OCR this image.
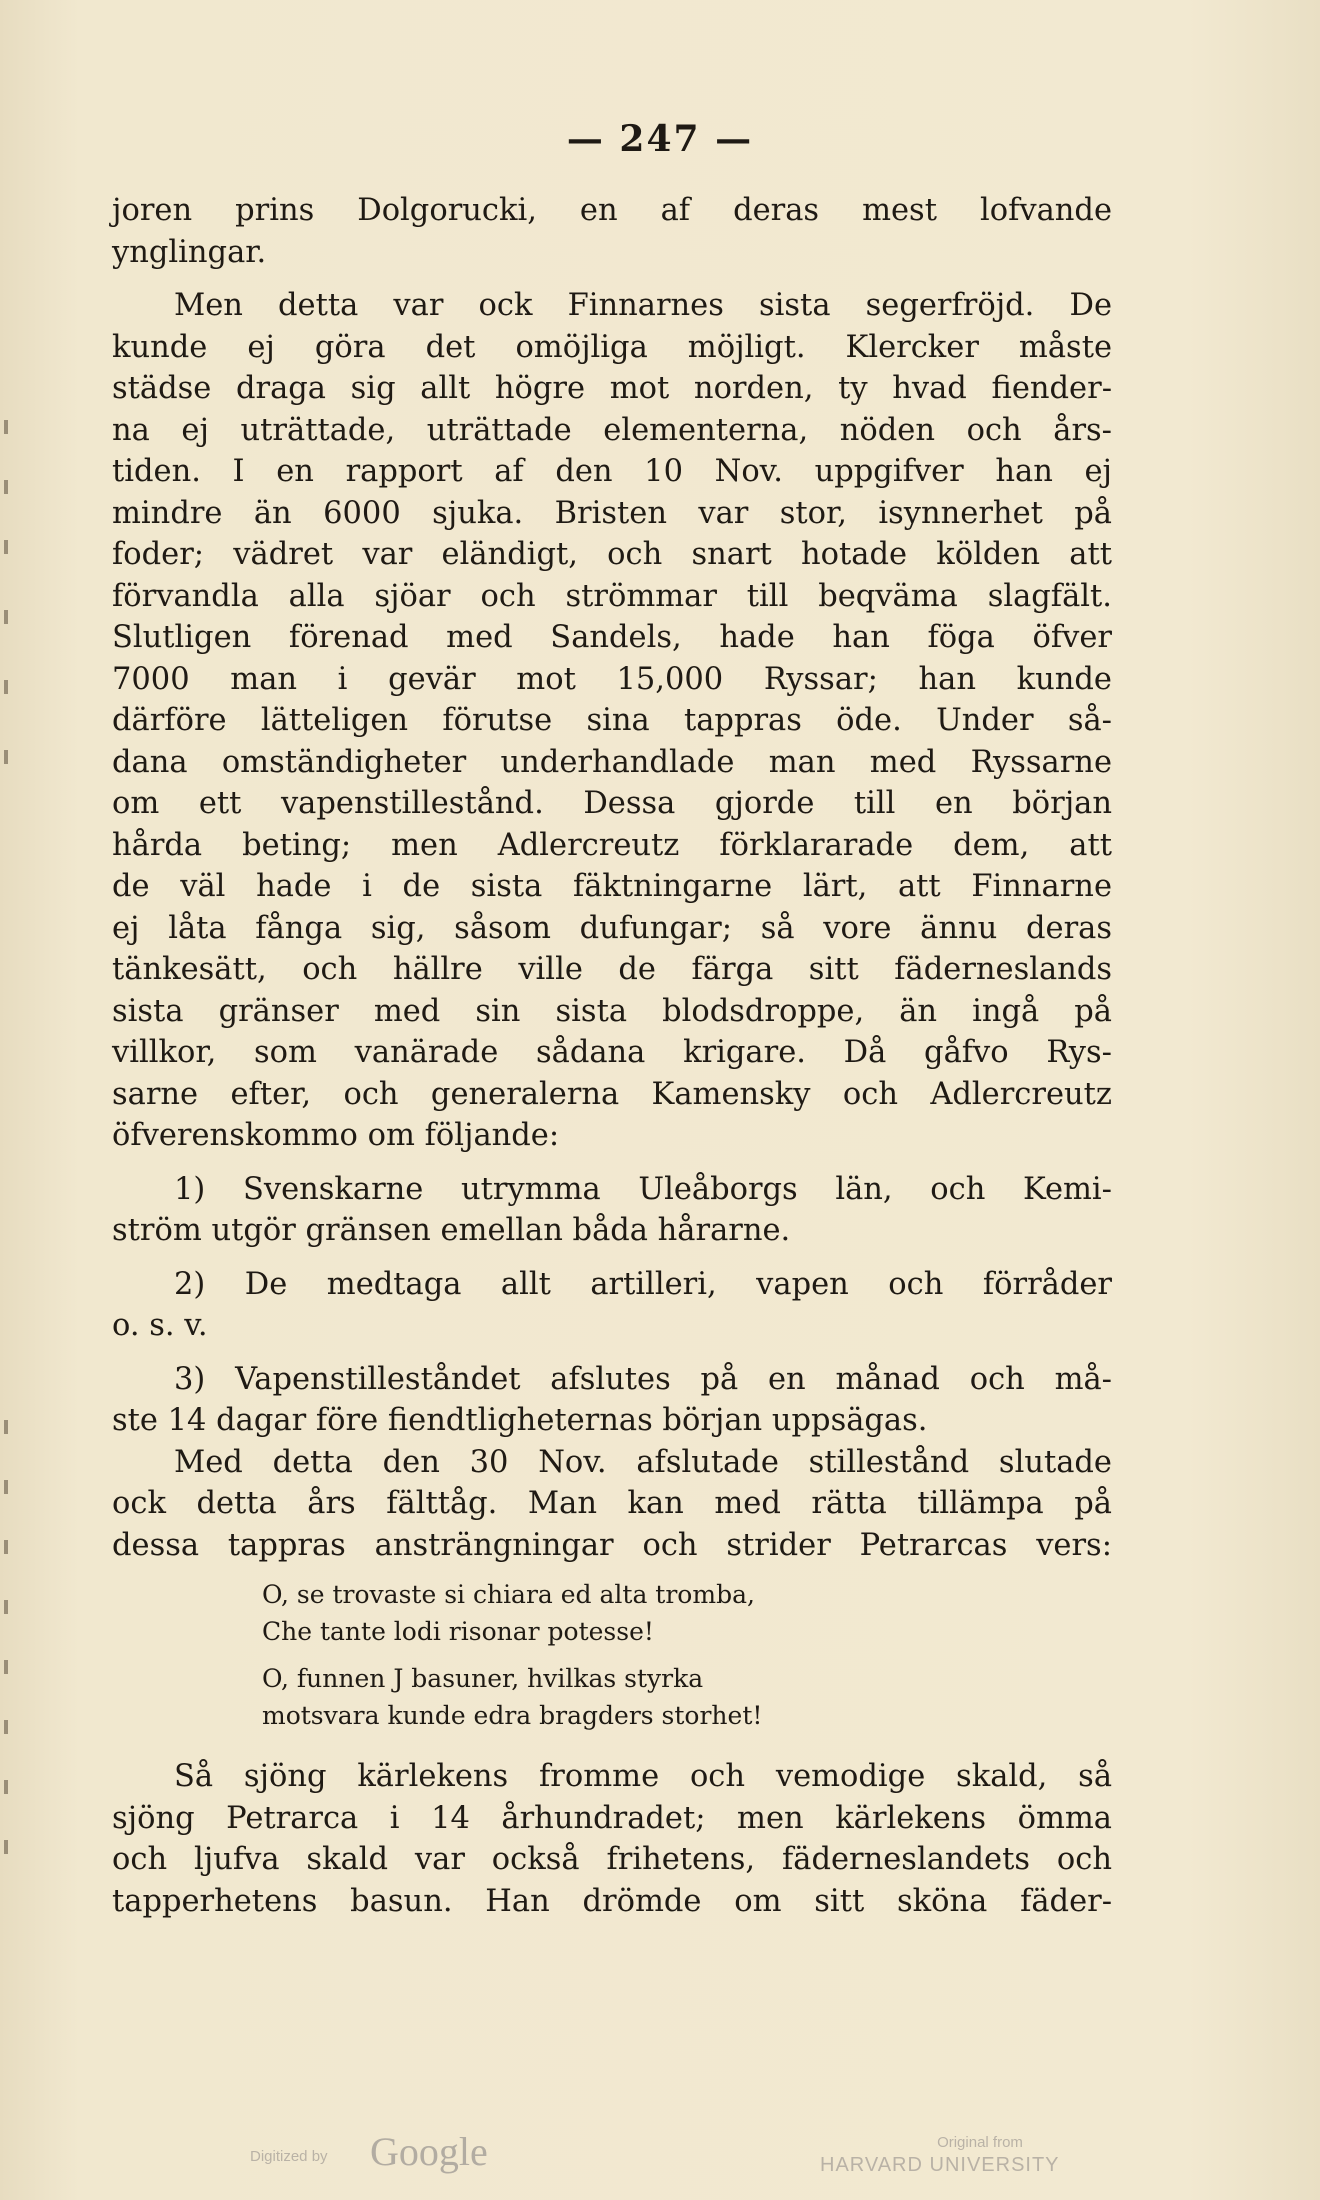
— 247 —
joren prins Dolgorucki, en af deras mest lofvande
ynglingar.
Men detta var ock Finnarnes sista segerfröjd. De
kunde ej göra det omöjliga möjligt. Klercker måste
städse draga sig allt högre mot norden, ty hvad fiender-
na ej uträttade, uträttade elementerna, nöden och års-
tiden. I en rapport af den 10 Nov. uppgifver han ej
mindre än 6000 sjuka. Bristen var stor, isynnerhet på
foder; vädret var eländigt, och snart hotade kölden att
förvandla alla sjöar och strömmar till beqväma slagfält.
Slutligen förenad med Sandels, hade han föga öfver
7000 man i gevär mot 15,000 Ryssar; han kunde
därföre lätteligen förutse sina tappras öde. Under så-
dana omständigheter underhandlade man med Ryssarne
om ett vapenstillestånd. Dessa gjorde till en början
hårda beting; men Adlercreutz förklararade dem, att
de väl hade i de sista fäktningarne lärt, att Finnarne
ej låta fånga sig, såsom dufungar; så vore ännu deras
tänkesätt, och hällre ville de färga sitt fäderneslands
sista gränser med sin sista blodsdroppe, än ingå på
villkor, som vanärade sådana krigare. Då gåfvo Rys-
sarne efter, och generalerna Kamensky och Adlercreutz
öfverenskommo om följande:
1) Svenskarne utrymma Uleåborgs län, och Kemi-
ström utgör gränsen emellan båda hårarne.
2) De medtaga allt artilleri, vapen och förråder
o. s. v.
3) Vapenstilleståndet afslutes på en månad och må-
ste 14 dagar före fiendtligheternas början uppsägas.
Med detta den 30 Nov. afslutade stillestånd slutade
ock detta års fälttåg. Man kan med rätta tillämpa på
dessa tappras ansträngningar och strider Petrarcas vers:
O, se trovaste si chiara ed alta tromba,
Che tante lodi risonar potesse!
O, funnen J basuner, hvilkas styrka
motsvara kunde edra bragders storhet!
Så sjöng kärlekens fromme och vemodige skald, så
sjöng Petrarca i 14 århundradet; men kärlekens ömma
och ljufva skald var också frihetens, fäderneslandets och
tapperhetens basun. Han drömde om sitt sköna fäder-
Digitized by Google	Original from
HARVARD UNIVERSITY
